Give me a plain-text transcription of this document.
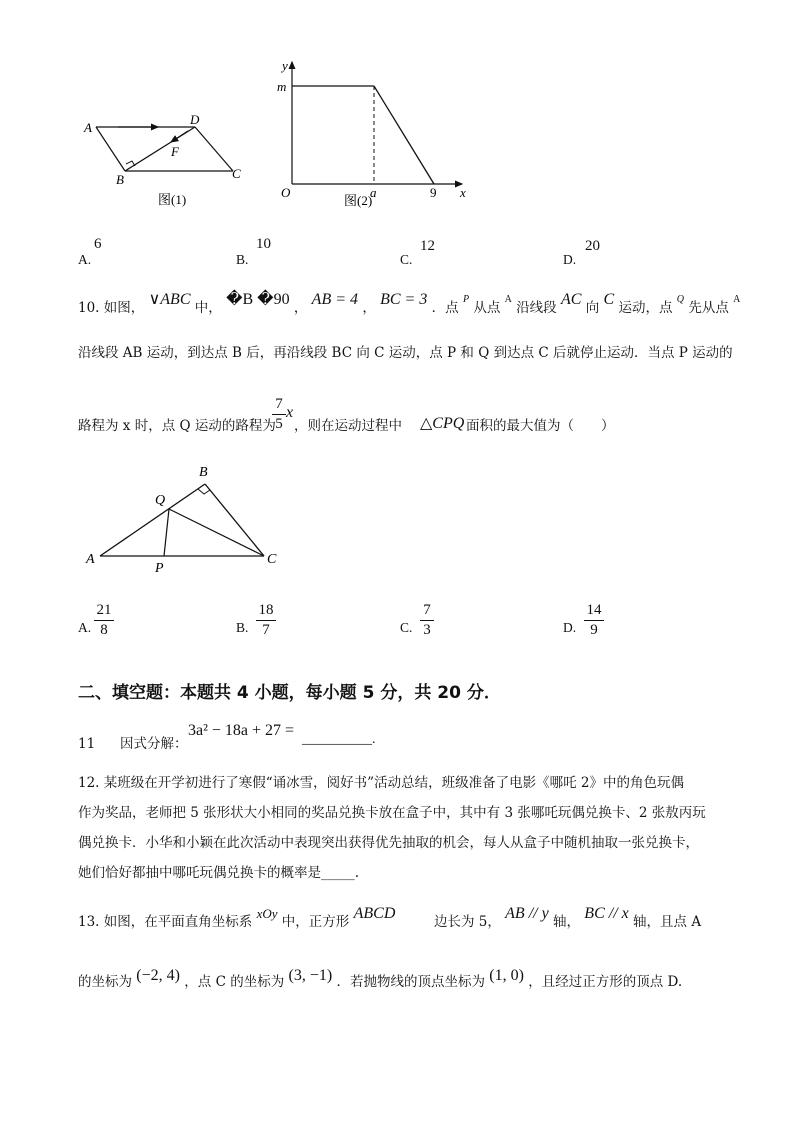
A
D
F
B	C
图(1)
y
m
O	a	9 x
图(2)
A.
6
B.
10
C.
12
D.
20
10. 如图， ∨ABC 中， �B �90 ， AB = 4 ， BC = 3 ．点 $^P$ 从点 $^A$ 沿线段 AC 向 C 运动，点 $^Q$ 先从点 $^A$
沿线段 AB 运动，到达点 B 后，再沿线段 BC 向 C 运动，点 P 和 Q 到达点 C 后就停止运动．当点 P 运动的
路程为 x 时，点 Q 运动的路程为
7
5
x
，则在运动过程中 △CPQ 面积的最大值为（　　）
A
B
C
P
Q
A.
21
8	B.
18
7	C.
7
3	D.
14
9
二、填空题：本题共 4 小题，每小题 5 分，共 20 分．
11 因式分解：
3a² − 18a + 27 =
__________.
12. 某班级在开学初进行了寒假“诵冰雪，阅好书”活动总结，班级准备了电影《哪吒 2》中的角色玩偶
作为奖品，老师把 5 张形状大小相同的奖品兑换卡放在盒子中，其中有 3 张哪吒玩偶兑换卡、2 张敖丙玩
偶兑换卡．小华和小颖在此次活动中表现突出获得优先抽取的机会，每人从盒子中随机抽取一张兑换卡，
她们恰好都抽中哪吒玩偶兑换卡的概率是_____.
13. 如图，在平面直角坐标系 xOy 中，正方形 ABCD	边长为 5， AB // y 轴， BC // x 轴，且点 A
的坐标为 (−2, 4) ，点 C 的坐标为 (3, −1) ．若抛物线的顶点坐标为 (1, 0) ，且经过正方形的顶点 D.
